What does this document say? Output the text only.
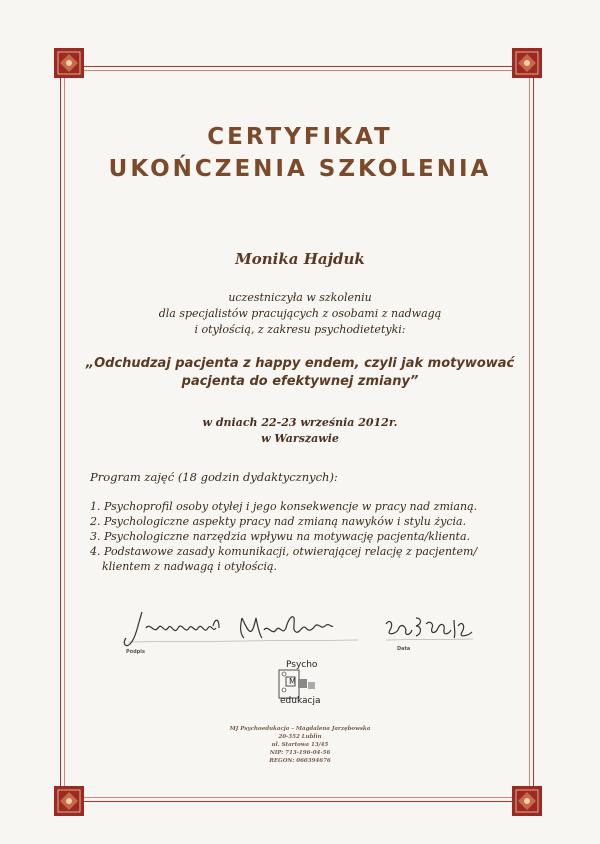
CERTYFIKAT
UKOŃCZENIA SZKOLENIA
Monika Hajduk
uczestniczyła w szkoleniu
dla specjalistów pracujących z osobami z nadwagą
i otyłością, z zakresu psychodietetyki:
„Odchudzaj pacjenta z happy endem, czyli jak motywować
pacjenta do efektywnej zmiany”
w dniach 22-23 września 2012r.
w Warszawie
Program zajęć (18 godzin dydaktycznych):
1. Psychoprofil osoby otyłej i jego konsekwencje w pracy nad zmianą.
2. Psychologiczne aspekty pracy nad zmianą nawyków i stylu życia.
3. Psychologiczne narzędzia wpływu na motywację pacjenta/klienta.
4. Podstawowe zasady komunikacji, otwierającej relację z pacjentem/
klientem z nadwagą i otyłością.
Podpis	Data
Psycho
M
edukacja
MJ Psychoedukacja – Magdalena Jarzębowska
20-352 Lublin
ul. Startowa 13/45
NIP: 713-196-04-56
REGON: 060394676
